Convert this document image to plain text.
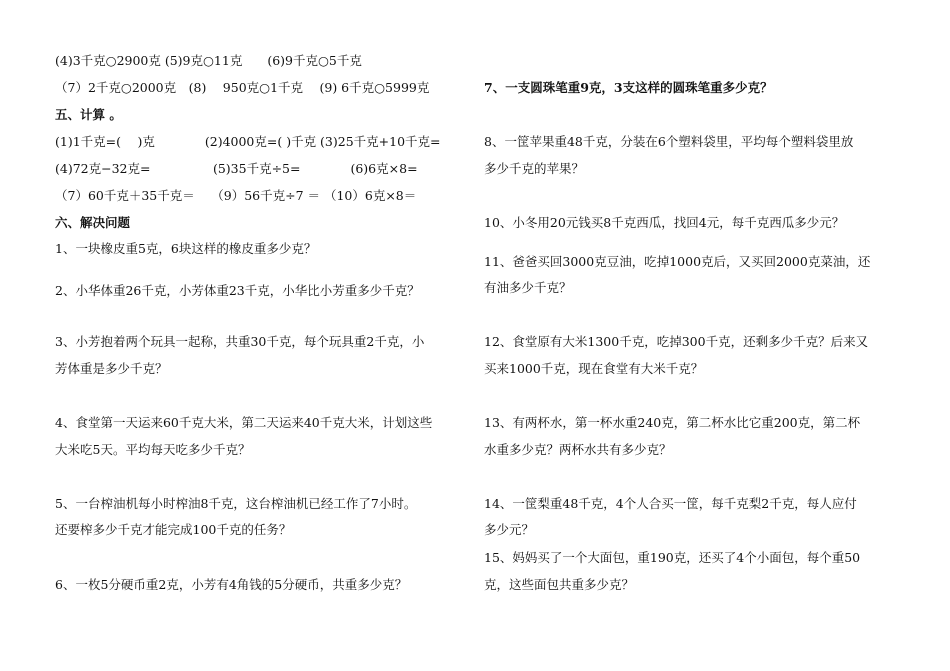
(4)3千克○2900克 (5)9克○11克　　(6)9千克○5千克
（7）2千克○2000克　(8)　 950克○1千克　 (9) 6千克○5999克
五、计算 。
(1)1千克=(　 )克　　　　(2)4000克=( )千克 (3)25千克+10千克=
(4)72克−32克=　　　　　(5)35千克÷5=　　　　(6)6克×8=
（7）60千克＋35千克＝　 （9）56千克÷7 ＝ （10）6克×8＝
六、解决问题
1、一块橡皮重5克，6块这样的橡皮重多少克？
2、小华体重26千克，小芳体重23千克，小华比小芳重多少千克？
3、小芳抱着两个玩具一起称，共重30千克，每个玩具重2千克，小
芳体重是多少千克？
4、食堂第一天运来60千克大米，第二天运来40千克大米，计划这些
大米吃5天。平均每天吃多少千克？
5、一台榨油机每小时榨油8千克，这台榨油机已经工作了7小时。
还要榨多少千克才能完成100千克的任务？
6、一枚5分硬币重2克，小芳有4角钱的5分硬币，共重多少克？
7、一支圆珠笔重9克，3支这样的圆珠笔重多少克？
8、一筐苹果重48千克，分装在6个塑料袋里，平均每个塑料袋里放
多少千克的苹果？
10、小冬用20元钱买8千克西瓜，找回4元，每千克西瓜多少元？
11、爸爸买回3000克豆油，吃掉1000克后，又买回2000克菜油，还
有油多少千克？
12、食堂原有大米1300千克，吃掉300千克，还剩多少千克？后来又
买来1000千克，现在食堂有大米千克？
13、有两杯水，第一杯水重240克，第二杯水比它重200克，第二杯
水重多少克？两杯水共有多少克？
14、一筐梨重48千克，4个人合买一筐，每千克梨2千克，每人应付
多少元？
15、妈妈买了一个大面包，重190克，还买了4个小面包，每个重50
克，这些面包共重多少克？
